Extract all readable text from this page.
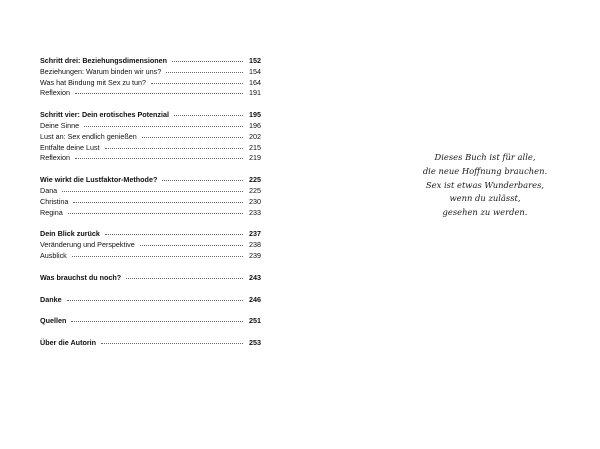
Schritt drei: Beziehungsdimensionen	152
Beziehungen: Warum binden wir uns?	154
Was hat Bindung mit Sex zu tun?	164
Reflexion	191
Schritt vier: Dein erotisches Potenzial	195
Deine Sinne	196
Lust an: Sex endlich genießen	202
Entfalte deine Lust	215
Reflexion	219
Wie wirkt die Lustfaktor-Methode?	225
Dana	225
Christina	230
Regina	233
Dein Blick zurück	237
Veränderung und Perspektive	238
Ausblick	239
Was brauchst du noch?	243
Danke	246
Quellen	251
Über die Autorin	253
Dieses Buch ist für alle,
die neue Hoffnung brauchen.
Sex ist etwas Wunderbares,
wenn du zulässt,
gesehen zu werden.
